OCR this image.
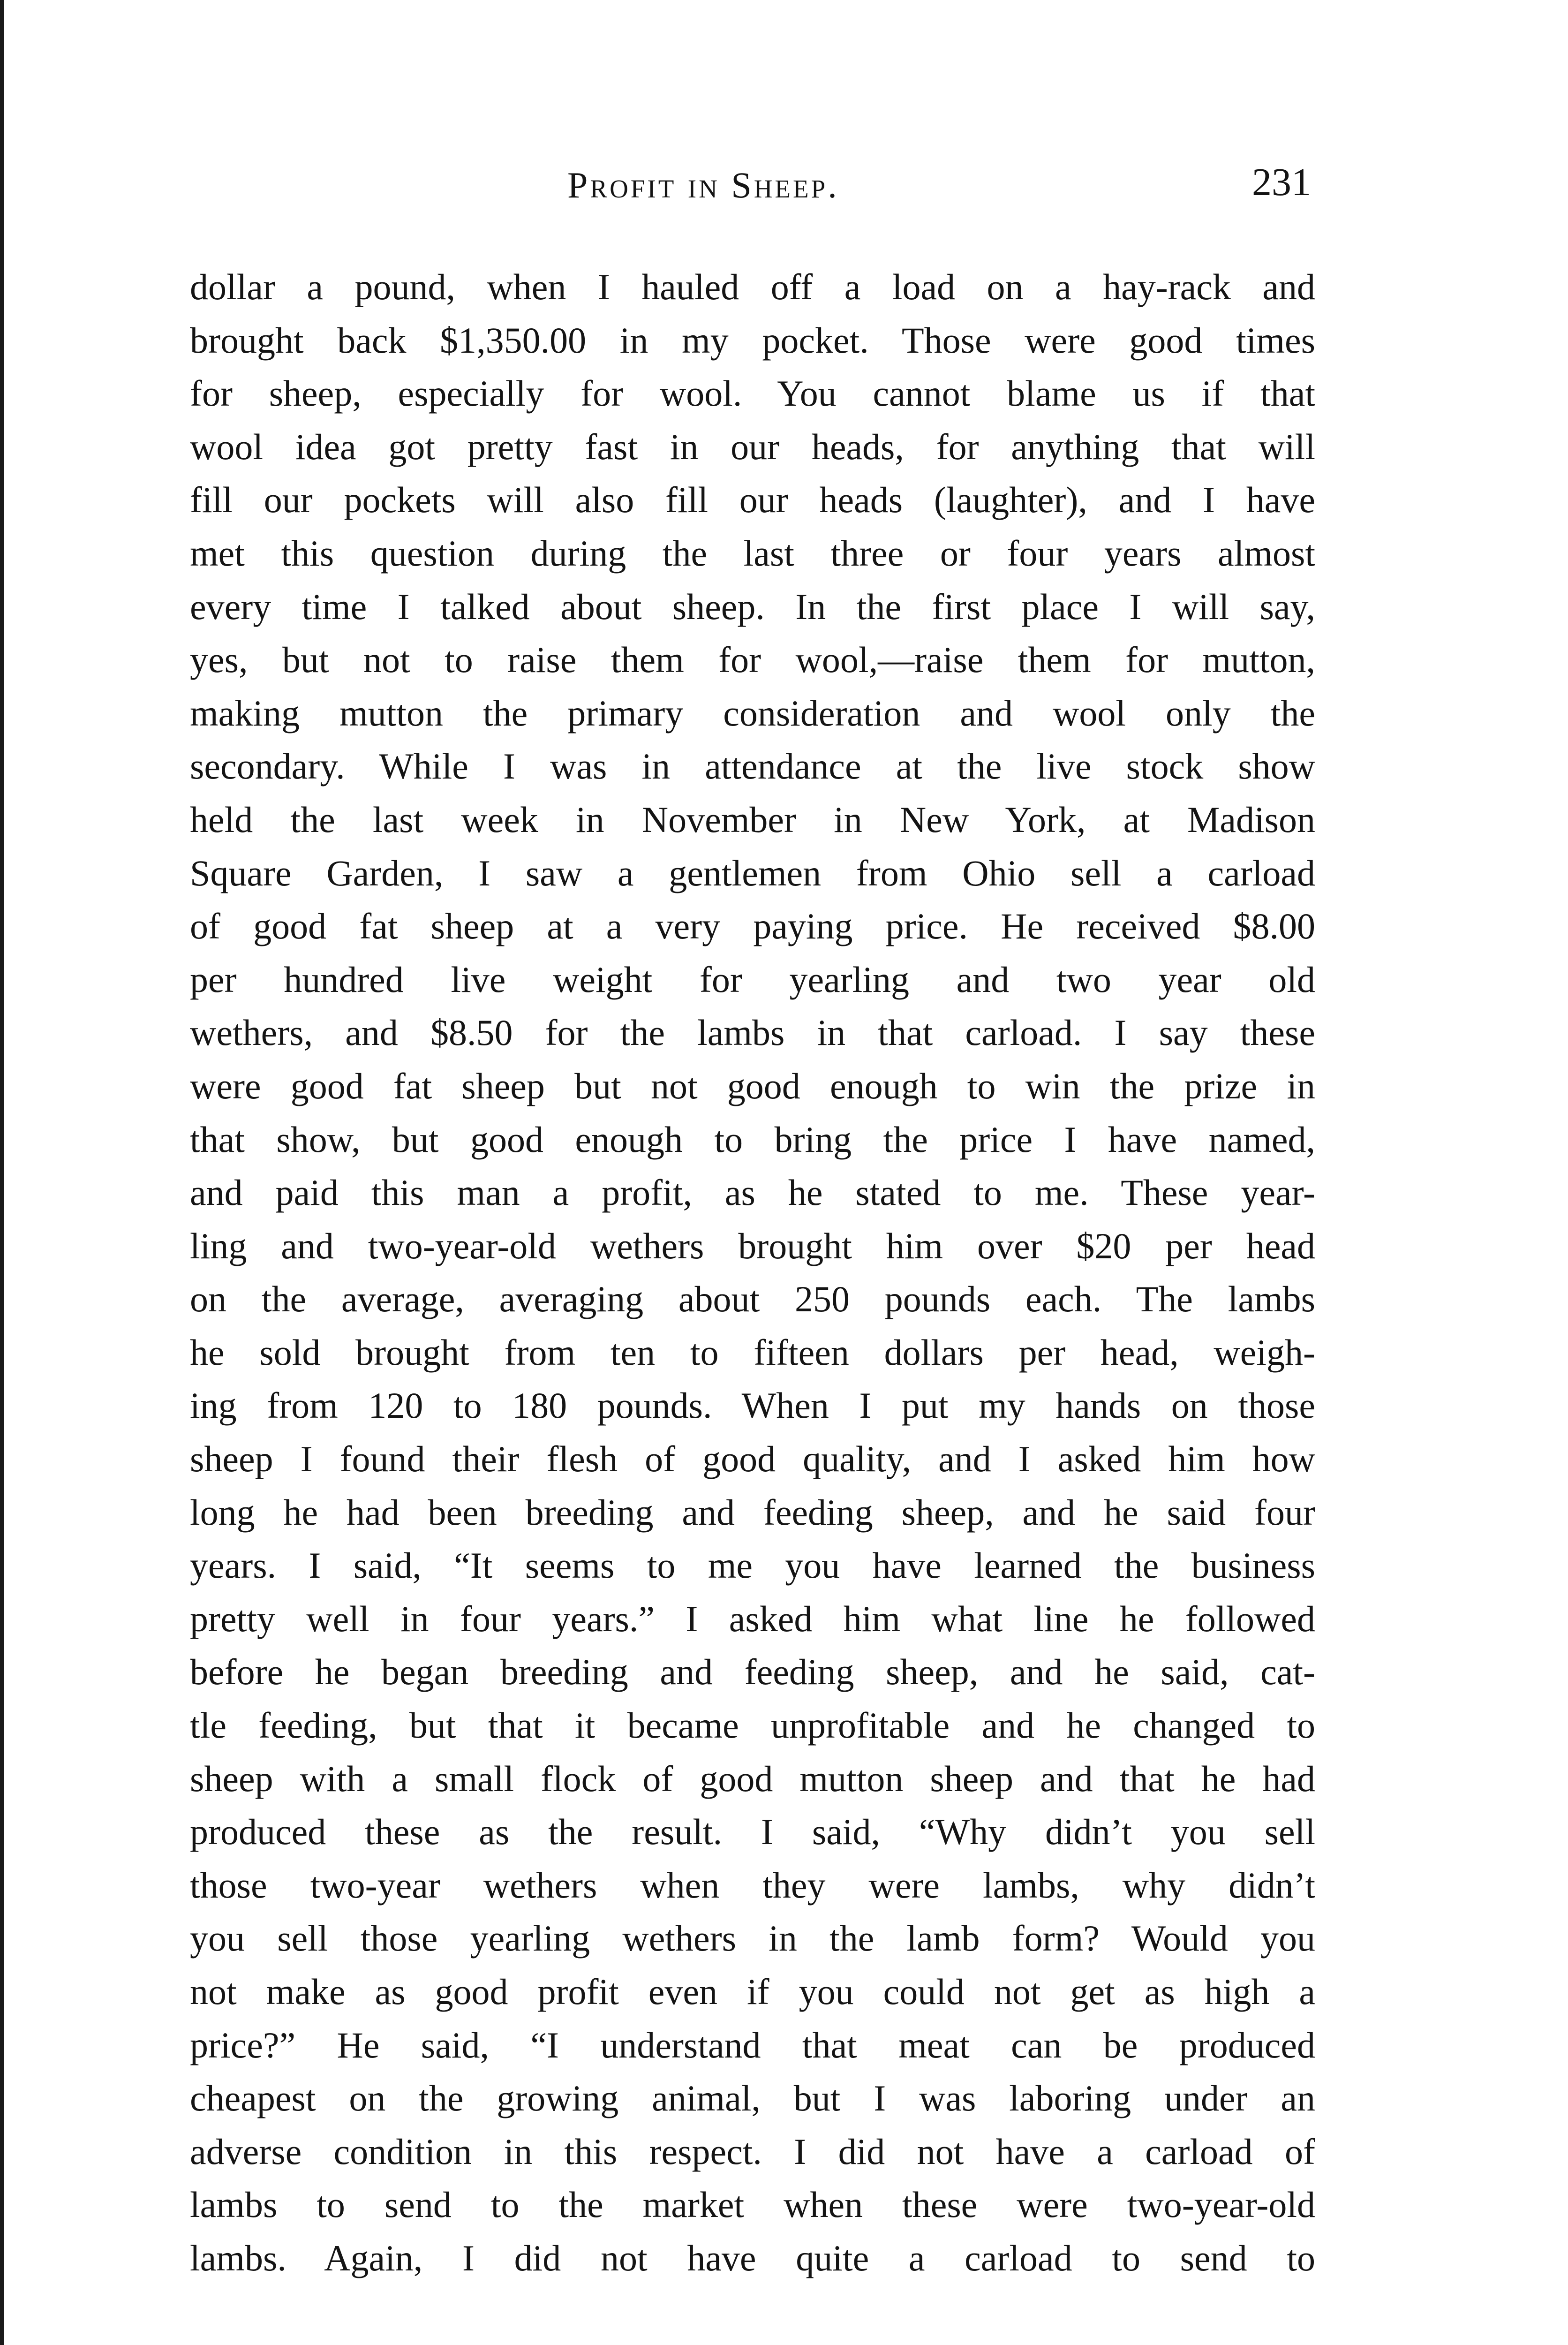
Profit in Sheep.	231
dollar a pound, when I hauled off a load on a hay-rack and
brought back $1,350.00 in my pocket. Those were good times
for sheep, especially for wool. You cannot blame us if that
wool idea got pretty fast in our heads, for anything that will
fill our pockets will also fill our heads (laughter), and I have
met this question during the last three or four years almost
every time I talked about sheep. In the first place I will say,
yes, but not to raise them for wool,—raise them for mutton,
making mutton the primary consideration and wool only the
secondary. While I was in attendance at the live stock show
held the last week in November in New York, at Madison
Square Garden, I saw a gentlemen from Ohio sell a carload
of good fat sheep at a very paying price. He received $8.00
per hundred live weight for yearling and two year old
wethers, and $8.50 for the lambs in that carload. I say these
were good fat sheep but not good enough to win the prize in
that show, but good enough to bring the price I have named,
and paid this man a profit, as he stated to me. These year-
ling and two-year-old wethers brought him over $20 per head
on the average, averaging about 250 pounds each. The lambs
he sold brought from ten to fifteen dollars per head, weigh-
ing from 120 to 180 pounds. When I put my hands on those
sheep I found their flesh of good quality, and I asked him how
long he had been breeding and feeding sheep, and he said four
years. I said, “It seems to me you have learned the business
pretty well in four years.” I asked him what line he followed
before he began breeding and feeding sheep, and he said, cat-
tle feeding, but that it became unprofitable and he changed to
sheep with a small flock of good mutton sheep and that he had
produced these as the result. I said, “Why didn’t you sell
those two-year wethers when they were lambs, why didn’t
you sell those yearling wethers in the lamb form? Would you
not make as good profit even if you could not get as high a
price?” He said, “I understand that meat can be produced
cheapest on the growing animal, but I was laboring under an
adverse condition in this respect. I did not have a carload of
lambs to send to the market when these were two-year-old
lambs. Again, I did not have quite a carload to send to
